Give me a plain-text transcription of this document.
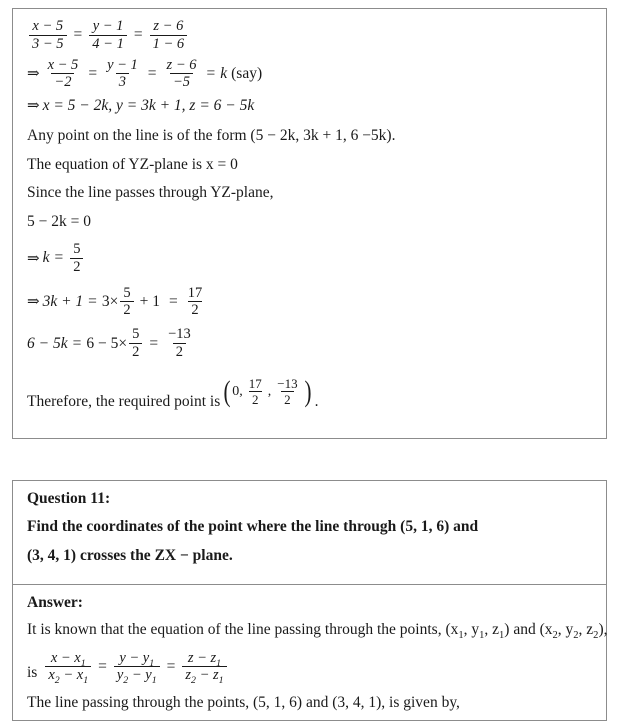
$\frac{x - 5}{3 - 5} = \frac{y - 1}{4 - 1} = \frac{z - 6}{1 - 6}$
⇒ $\frac{x - 5}{-2} = \frac{y - 1}{3} = \frac{z - 6}{-5} = k$ (say)
⇒ x = 5 − 2k, y = 3k + 1, z = 6 − 5k

Any point on the line is of the form (5 − 2k, 3k + 1, 6 −5k).

The equation of YZ-plane is x = 0

Since the line passes through YZ-plane,

5 − 2k = 0

⇒ $k = \frac{5}{2}$
⇒ $3k + 1 = 3\times \frac{5}{2} + 1 = \frac{17}{2}$
$6 - 5k = 6 - 5\times \frac{5}{2} = \frac{-13}{2}$
Therefore, the required point is ( 0, $\frac{17}{2}$ , $\frac{-13}{2}$ ) .

Question 11:

Find the coordinates of the point where the line through (5, 1, 6) and

(3, 4, 1) crosses the ZX − plane.

Answer:

It is known that the equation of the line passing through the points, ($x_1$, $y_1$, $z_1$) and ($x_2$, $y_2$, $z_2$),

is $\frac{x - x_1}{x_2 - x_1} = \frac{y - y_1}{y_2 - y_1} = \frac{z - z_1}{z_2 - z_1}$

The line passing through the points, (5, 1, 6) and (3, 4, 1), is given by,
